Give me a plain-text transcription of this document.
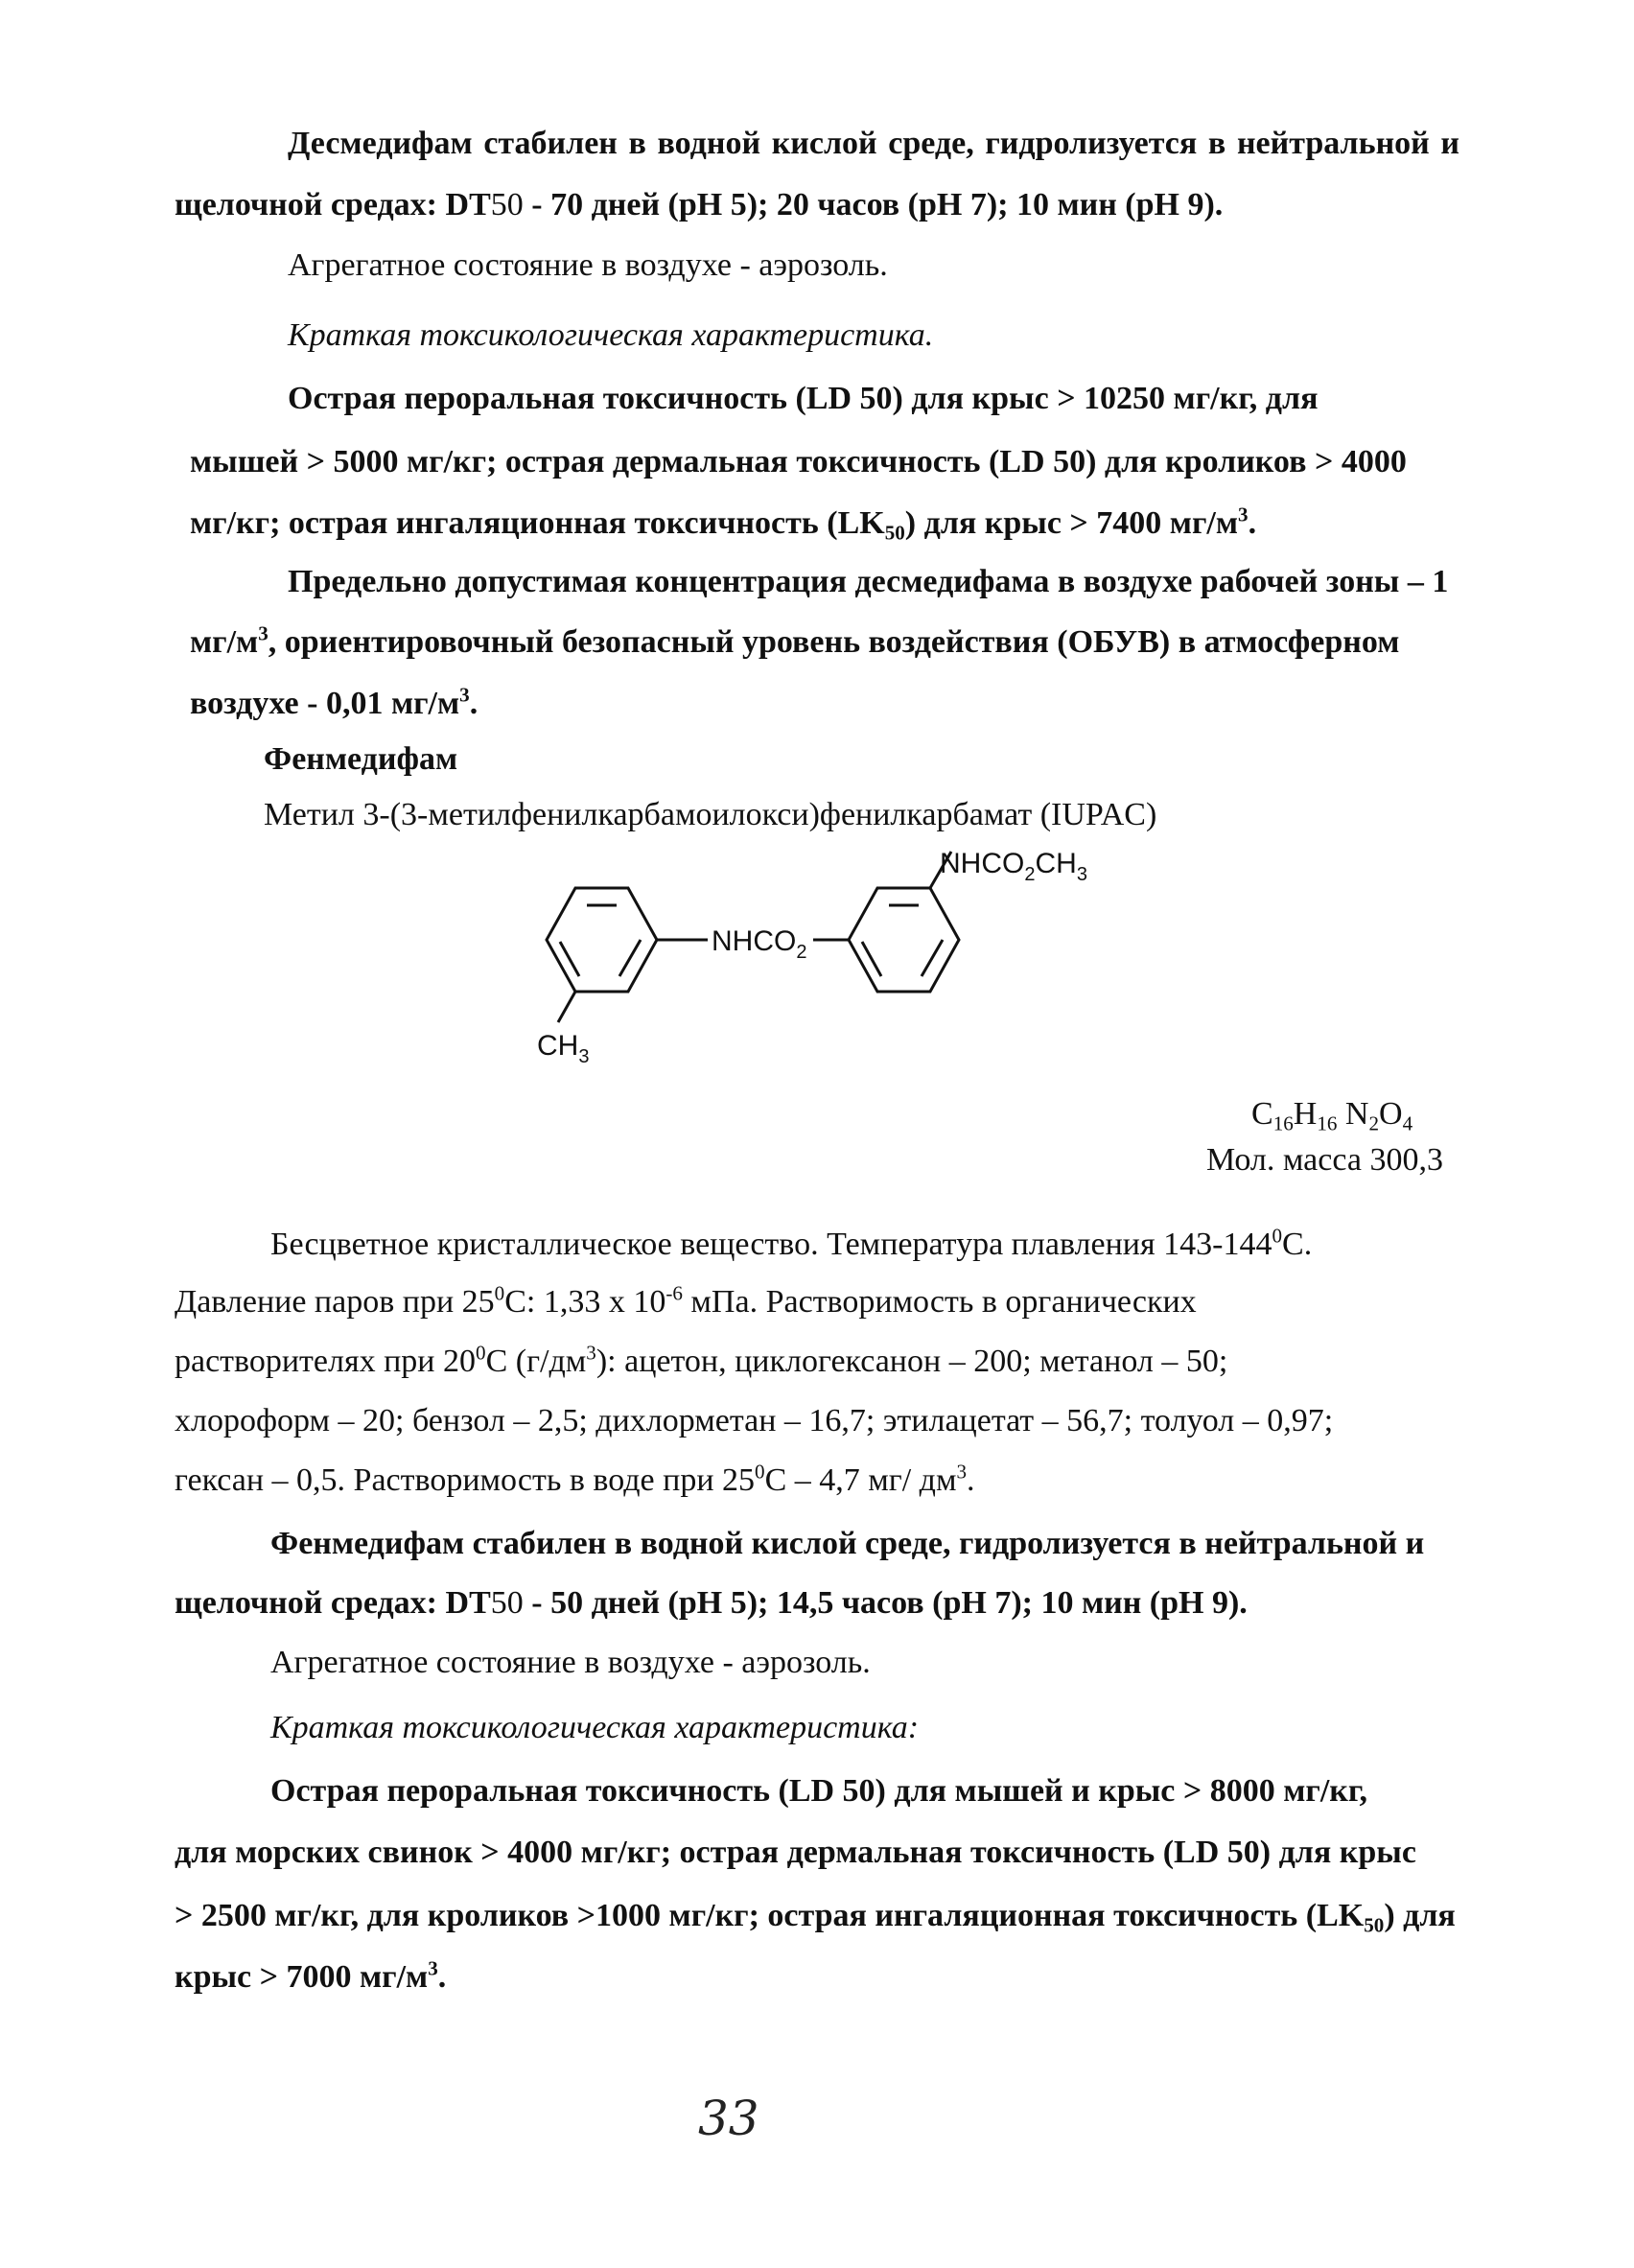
Десмедифам стабилен в водной кислой среде, гидролизуется в нейтральной и
щелочной средах: DT50 - 70 дней (pH 5); 20 часов (pH 7); 10 мин (pH 9).
Агрегатное состояние в воздухе - аэрозоль.
Краткая токсикологическая характеристика.
Острая пероральная токсичность (LD 50) для крыс > 10250 мг/кг, для
мышей > 5000 мг/кг; острая дермальная токсичность (LD 50) для кроликов > 4000
мг/кг; острая ингаляционная токсичность $(LK_{50})$ для крыс > 7400 $мг/м^3$.
Предельно допустимая концентрация десмедифама в воздухе рабочей зоны – 1
$мг/м^3$, ориентировочный безопасный уровень воздействия (ОБУВ) в атмосферном
воздухе - 0,01 $мг/м^3$.
Фенмедифам
Метил 3-(3-метилфенилкарбамоилокси)фенилкарбамат (IUPAC)
$NHCO_2CH_3$
$NHCO_2$
$CH_3$
$C_{16}H_{16}$ $N_2O_4$
Мол. масса 300,3
Бесцветное кристаллическое вещество. Температура плавления $143-144^0C$.
Давление паров при $25^0C$: 1,33 х $10^{-6}$ мПа. Растворимость в органических
растворителях при $20^0C$ $(г/дм^3)$: ацетон, циклогексанон – 200; метанол – 50;
хлороформ – 20; бензол – 2,5; дихлорметан – 16,7; этилацетат – 56,7; толуол – 0,97;
гексан – 0,5. Растворимость в воде при $25^0C - 4,7$ мг/ $дм^3$.
Фенмедифам стабилен в водной кислой среде, гидролизуется в нейтральной и
щелочной средах: DT50 - 50 дней (pH 5); 14,5 часов (pH 7); 10 мин (pH 9).
Агрегатное состояние в воздухе - аэрозоль.
Краткая токсикологическая характеристика:
Острая пероральная токсичность (LD 50) для мышей и крыс > 8000 мг/кг,
для морских свинок > 4000 мг/кг; острая дермальная токсичность (LD 50) для крыс
> 2500 мг/кг, для кроликов >1000 мг/кг; острая ингаляционная токсичность $(LK_{50})$ для
крыс > 7000 $мг/м^3$.
33
